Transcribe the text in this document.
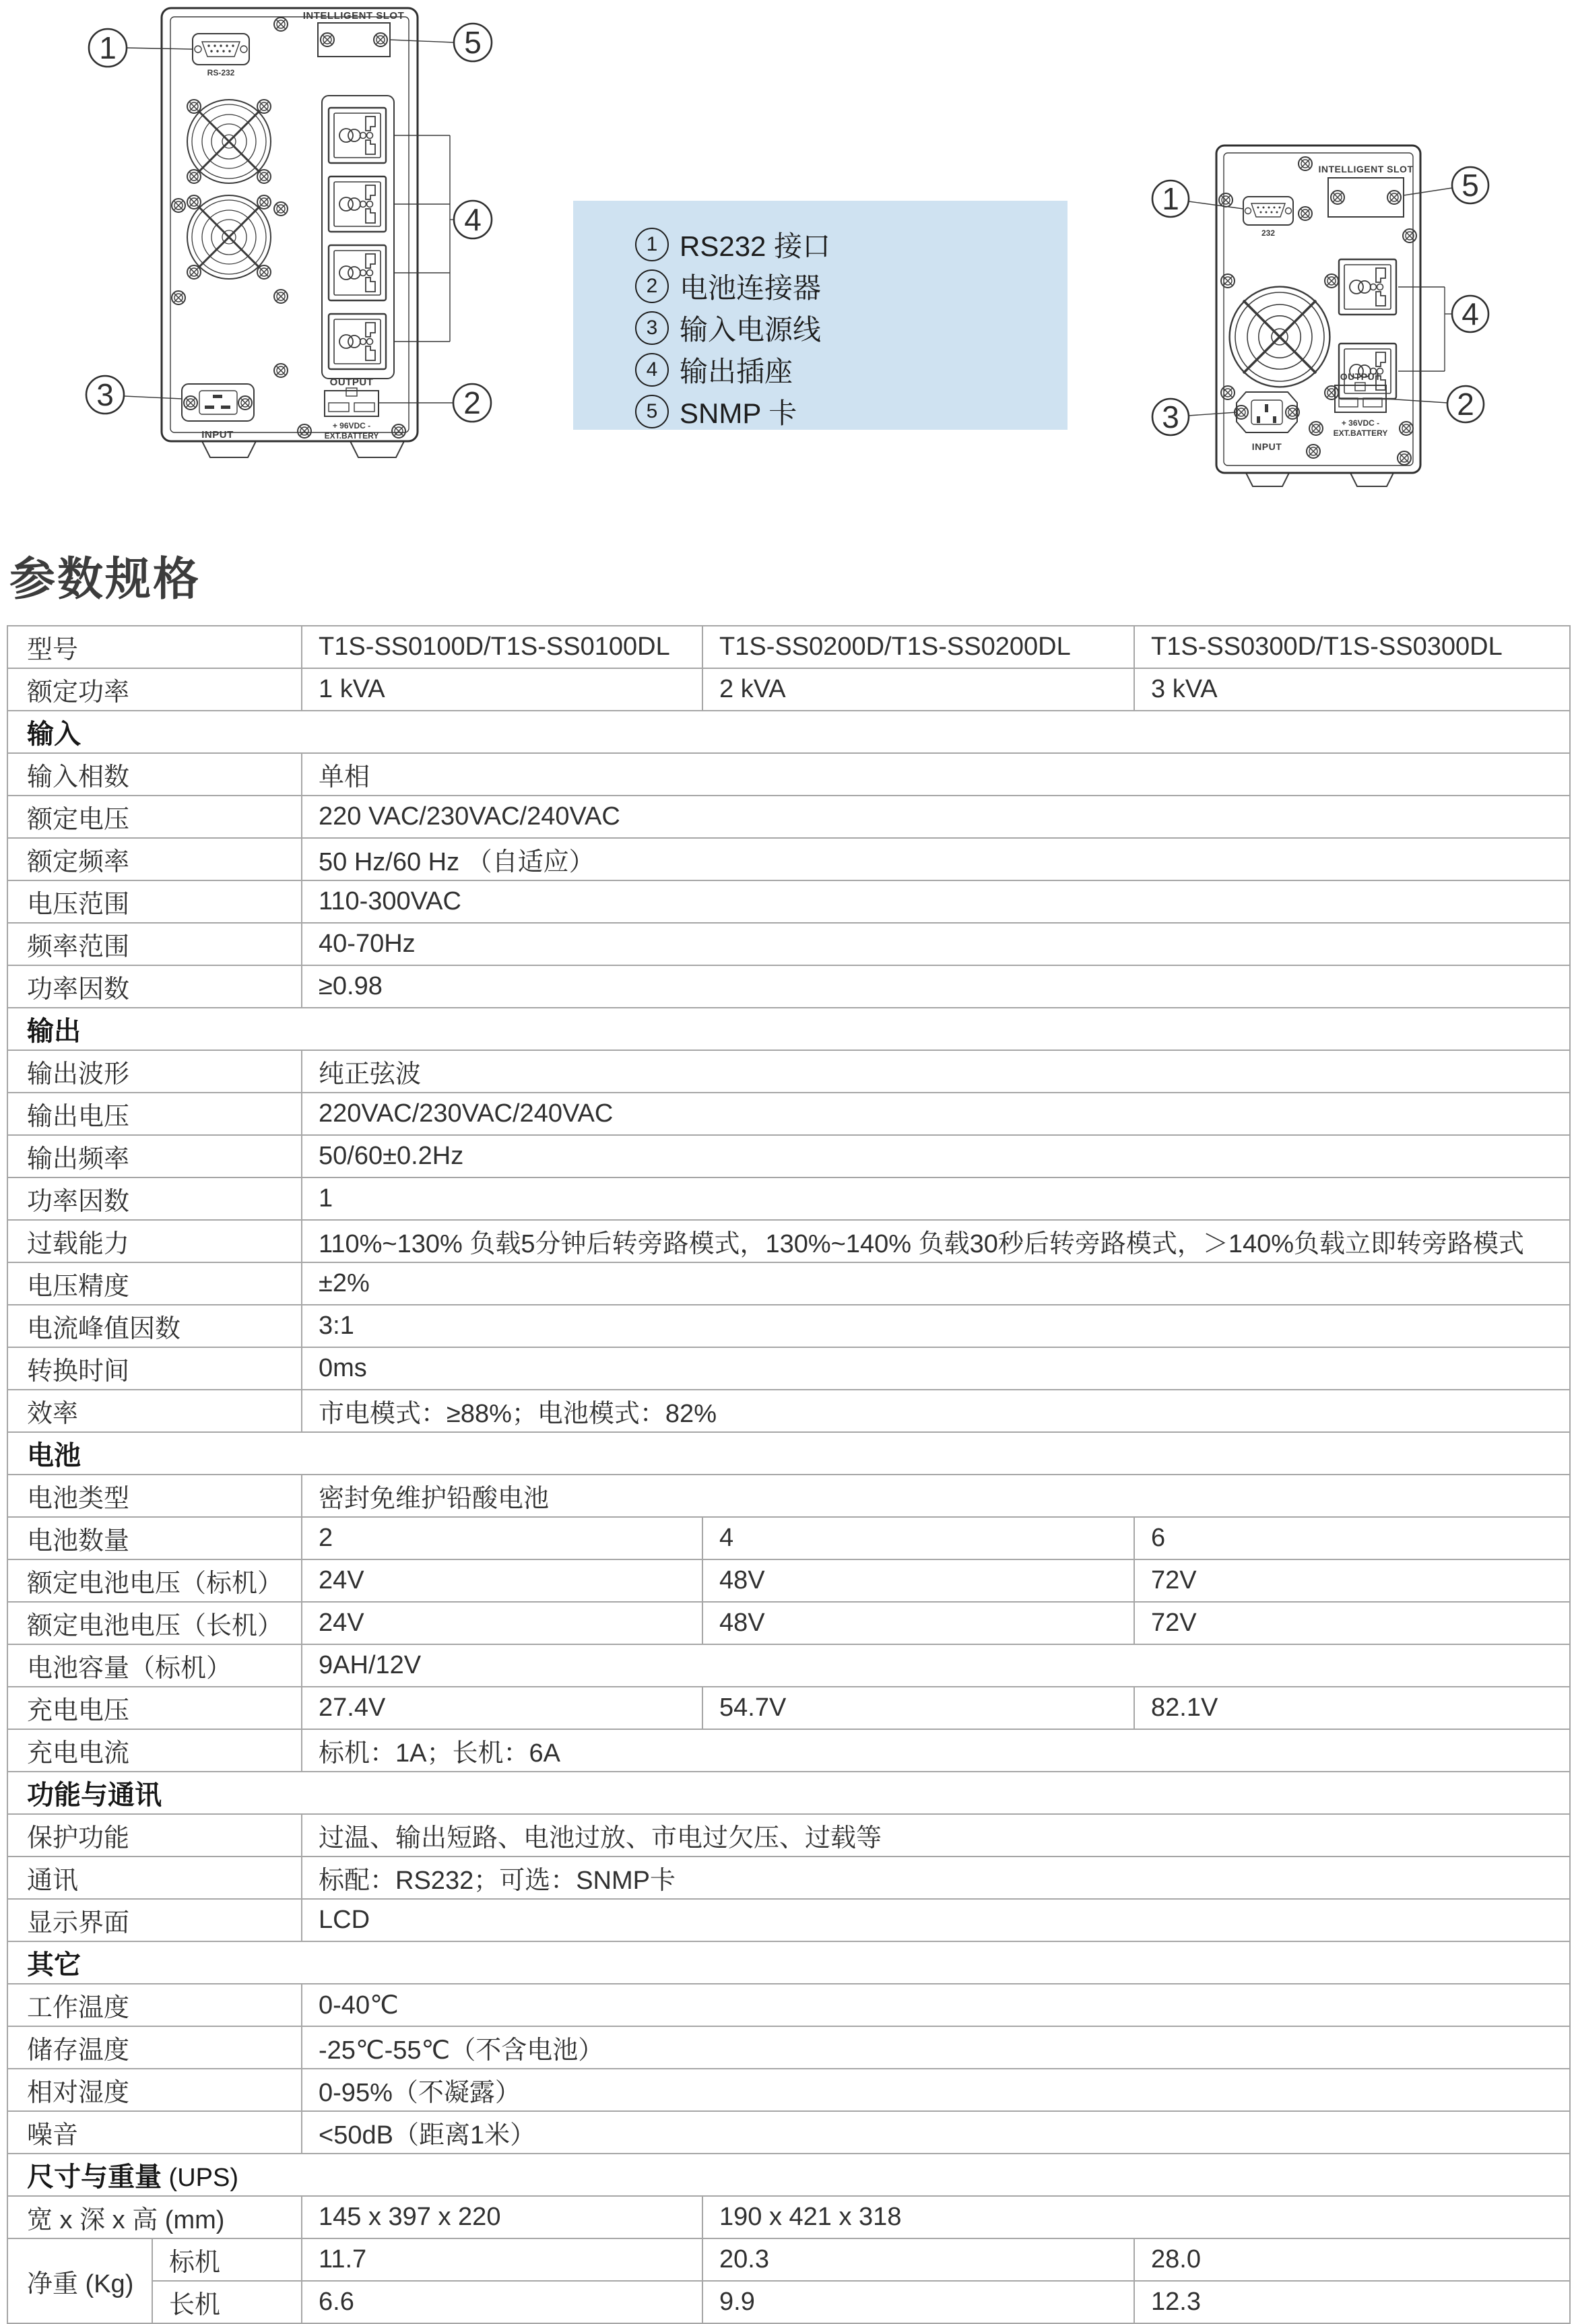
INTELLIGENT SLOT
RS-232
OUTPUT
+ 96VDC -
EXT.BATTERY
INPUT
1	5
4
2
3
1 RS232 接口
2 电池连接器
3 输入电源线
4 输出插座
5 SNMP 卡
INTELLIGENT SLOT
232
OUTPUT
+ 36VDC -
EXT.BATTERY
INPUT
1	5
4
2
3
参数规格
型号		T1S-SS0100D/T1S-SS0100DL	T1S-SS0200D/T1S-SS0200DL	T1S-SS0300D/T1S-SS0300DL
额定功率		1 kVA	2 kVA	3 kVA
输入				
输入相数		单相		
额定电压		220 VAC/230VAC/240VAC		
额定频率		50 Hz/60 Hz （自适应）		
电压范围		110-300VAC		
频率范围		40-70Hz		
功率因数		≥0.98		
输出				
输出波形		纯正弦波		
输出电压		220VAC/230VAC/240VAC		
输出频率		50/60±0.2Hz		
功率因数		1		
过载能力		110%~130% 负载5分钟后转旁路模式，130%~140% 负载30秒后转旁路模式，＞140%负载立即转旁路模式		
电压精度		±2%		
电流峰值因数		3:1		
转换时间		0ms		
效率		市电模式：≥88%；电池模式：82%		
电池				
电池类型		密封免维护铅酸电池		
电池数量		2	4	6
额定电池电压（标机）		24V	48V	72V
额定电池电压（长机）		24V	48V	72V
电池容量（标机）		9AH/12V		
充电电压		27.4V	54.7V	82.1V
充电电流		标机：1A；长机：6A		
功能与通讯				
保护功能		过温、输出短路、电池过放、市电过欠压、过载等		
通讯		标配：RS232；可选：SNMP卡		
显示界面		LCD		
其它				
工作温度		0-40℃		
储存温度		-25℃-55℃（不含电池）		
相对湿度		0-95%（不凝露）		
噪音		<50dB（距离1米）		
尺寸与重量 (UPS)				
宽 x 深 x 高 (mm)		145 x 397 x 220	190 x 421 x 318	
净重 (Kg)	标机	11.7	20.3	28.0
	长机	6.6	9.9	12.3
